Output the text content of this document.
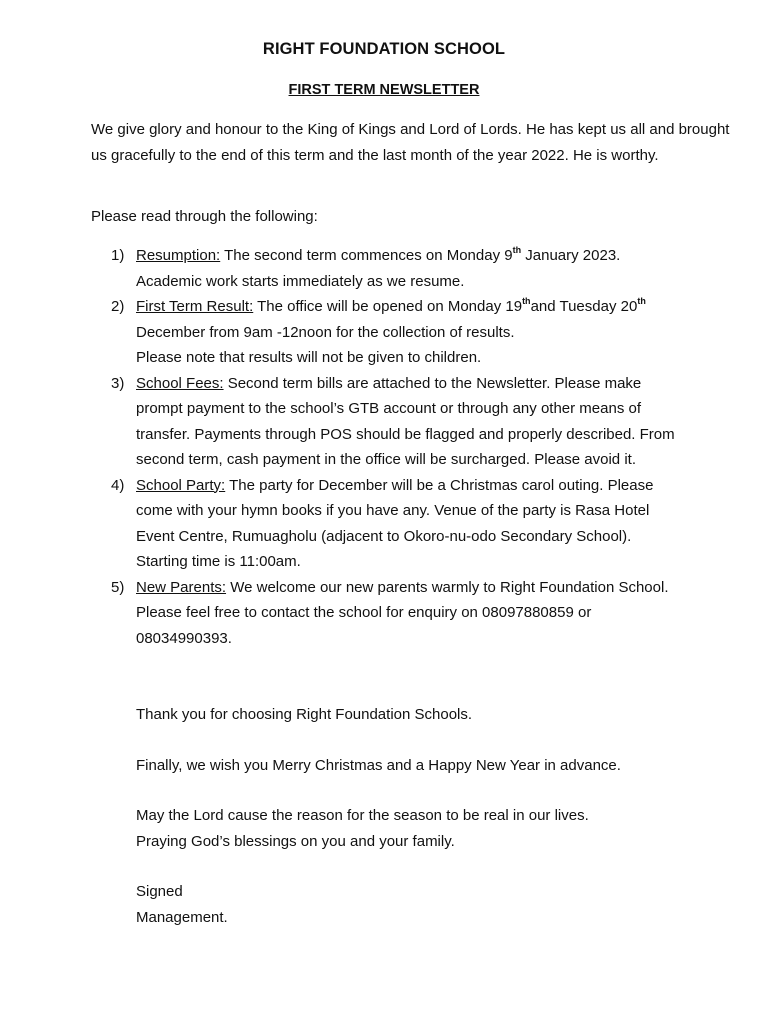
RIGHT FOUNDATION SCHOOL
FIRST TERM NEWSLETTER
We give glory and honour to the King of Kings and Lord of Lords. He has kept us all and brought us gracefully to the end of this term and the last month of the year 2022. He is worthy.
Please read through the following:
1) Resumption: The second term commences on Monday 9th January 2023. Academic work starts immediately as we resume.
2) First Term Result: The office will be opened on Monday 19thand Tuesday 20th December from 9am -12noon for the collection of results.
Please note that results will not be given to children.
3) School Fees: Second term bills are attached to the Newsletter. Please make prompt payment to the school’s GTB account or through any other means of transfer. Payments through POS should be flagged and properly described. From second term, cash payment in the office will be surcharged. Please avoid it.
4) School Party: The party for December will be a Christmas carol outing. Please come with your hymn books if you have any. Venue of the party is Rasa Hotel Event Centre, Rumuagholu (adjacent to Okoro-nu-odo Secondary School). Starting time is 11:00am.
5) New Parents: We welcome our new parents warmly to Right Foundation School. Please feel free to contact the school for enquiry on 08097880859 or 08034990393.
Thank you for choosing Right Foundation Schools.
Finally, we wish you Merry Christmas and a Happy New Year in advance.
May the Lord cause the reason for the season to be real in our lives.
Praying God’s blessings on you and your family.
Signed
Management.
